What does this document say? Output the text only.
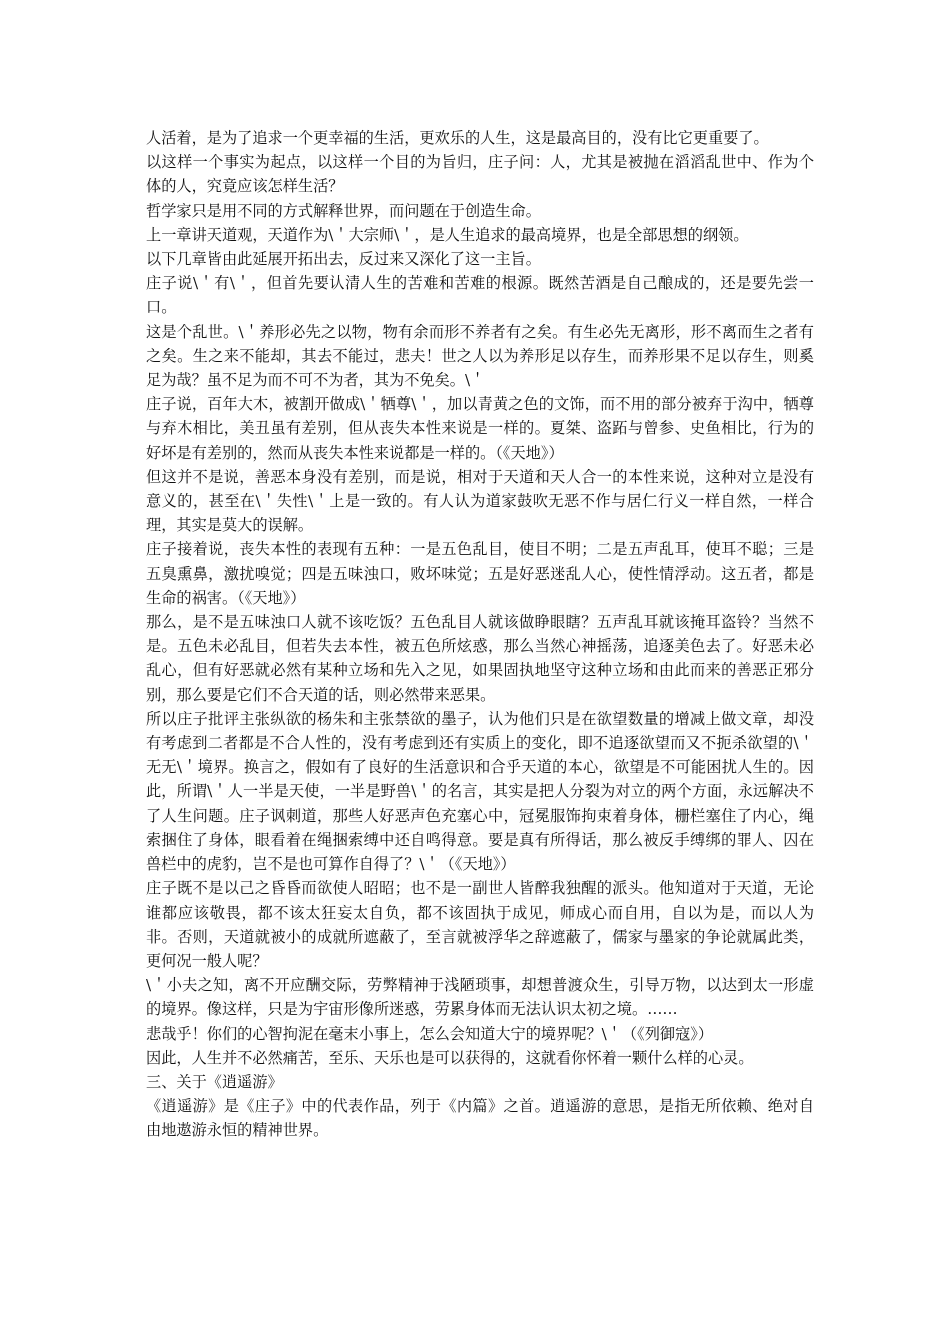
人活着，是为了追求一个更幸福的生活，更欢乐的人生，这是最高目的，没有比它更重要了。

以这样一个事实为起点，以这样一个目的为旨归，庄子问：人，尤其是被抛在滔滔乱世中、作为个体的人，究竟应该怎样生活？

哲学家只是用不同的方式解释世界，而问题在于创造生命。

上一章讲天道观，天道作为\＇大宗师\＇，是人生追求的最高境界，也是全部思想的纲领。

以下几章皆由此延展开拓出去，反过来又深化了这一主旨。

庄子说\＇有\＇，但首先要认清人生的苦难和苦难的根源。既然苦酒是自己酿成的，还是要先尝一口。

这是个乱世。\＇养形必先之以物，物有余而形不养者有之矣。有生必先无离形，形不离而生之者有之矣。生之来不能却，其去不能过，悲夫！世之人以为养形足以存生，而养形果不足以存生，则奚足为哉？虽不足为而不可不为者，其为不免矣。\＇

庄子说，百年大木，被割开做成\＇牺尊\＇，加以青黄之色的文饰，而不用的部分被弃于沟中，牺尊与弃木相比，美丑虽有差别，但从丧失本性来说是一样的。夏桀、盗跖与曾参、史鱼相比，行为的好坏是有差别的，然而从丧失本性来说都是一样的。（《天地》）

但这并不是说，善恶本身没有差别，而是说，相对于天道和天人合一的本性来说，这种对立是没有意义的，甚至在\＇失性\＇上是一致的。有人认为道家鼓吹无恶不作与居仁行义一样自然，一样合理，其实是莫大的误解。

庄子接着说，丧失本性的表现有五种：一是五色乱目，使目不明；二是五声乱耳，使耳不聪；三是五臭熏鼻，激扰嗅觉；四是五味浊口，败坏味觉；五是好恶迷乱人心，使性情浮动。这五者，都是生命的祸害。（《天地》）

那么，是不是五味浊口人就不该吃饭？五色乱目人就该做睁眼瞎？五声乱耳就该掩耳盗铃？当然不是。五色未必乱目，但若失去本性，被五色所炫惑，那么当然心神摇荡，追逐美色去了。好恶未必乱心，但有好恶就必然有某种立场和先入之见，如果固执地坚守这种立场和由此而来的善恶正邪分别，那么要是它们不合天道的话，则必然带来恶果。

所以庄子批评主张纵欲的杨朱和主张禁欲的墨子，认为他们只是在欲望数量的增减上做文章，却没有考虑到二者都是不合人性的，没有考虑到还有实质上的变化，即不追逐欲望而又不扼杀欲望的\＇无无\＇境界。换言之，假如有了良好的生活意识和合乎天道的本心，欲望是不可能困扰人生的。因此，所谓\＇人一半是天使，一半是野兽\＇的名言，其实是把人分裂为对立的两个方面，永远解决不了人生问题。庄子讽刺道，那些人好恶声色充塞心中，冠冕服饰拘束着身体，栅栏塞住了内心，绳索捆住了身体，眼看着在绳捆索缚中还自鸣得意。要是真有所得话，那么被反手缚绑的罪人、囚在兽栏中的虎豹，岂不是也可算作自得了？\＇（《天地》）

庄子既不是以己之昏昏而欲使人昭昭；也不是一副世人皆醉我独醒的派头。他知道对于天道，无论谁都应该敬畏，都不该太狂妄太自负，都不该固执于成见，师成心而自用，自以为是，而以人为非。否则，天道就被小的成就所遮蔽了，至言就被浮华之辞遮蔽了，儒家与墨家的争论就属此类，更何况一般人呢？

\＇小夫之知，离不开应酬交际，劳弊精神于浅陋琐事，却想普渡众生，引导万物，以达到太一形虚的境界。像这样，只是为宇宙形像所迷惑，劳累身体而无法认识太初之境。……

悲哉乎！你们的心智拘泥在毫末小事上，怎么会知道大宁的境界呢？\＇（《列御寇》）

因此，人生并不必然痛苦，至乐、天乐也是可以获得的，这就看你怀着一颗什么样的心灵。

三、关于《逍遥游》

《逍遥游》是《庄子》中的代表作品，列于《内篇》之首。逍遥游的意思，是指无所依赖、绝对自由地遨游永恒的精神世界。
